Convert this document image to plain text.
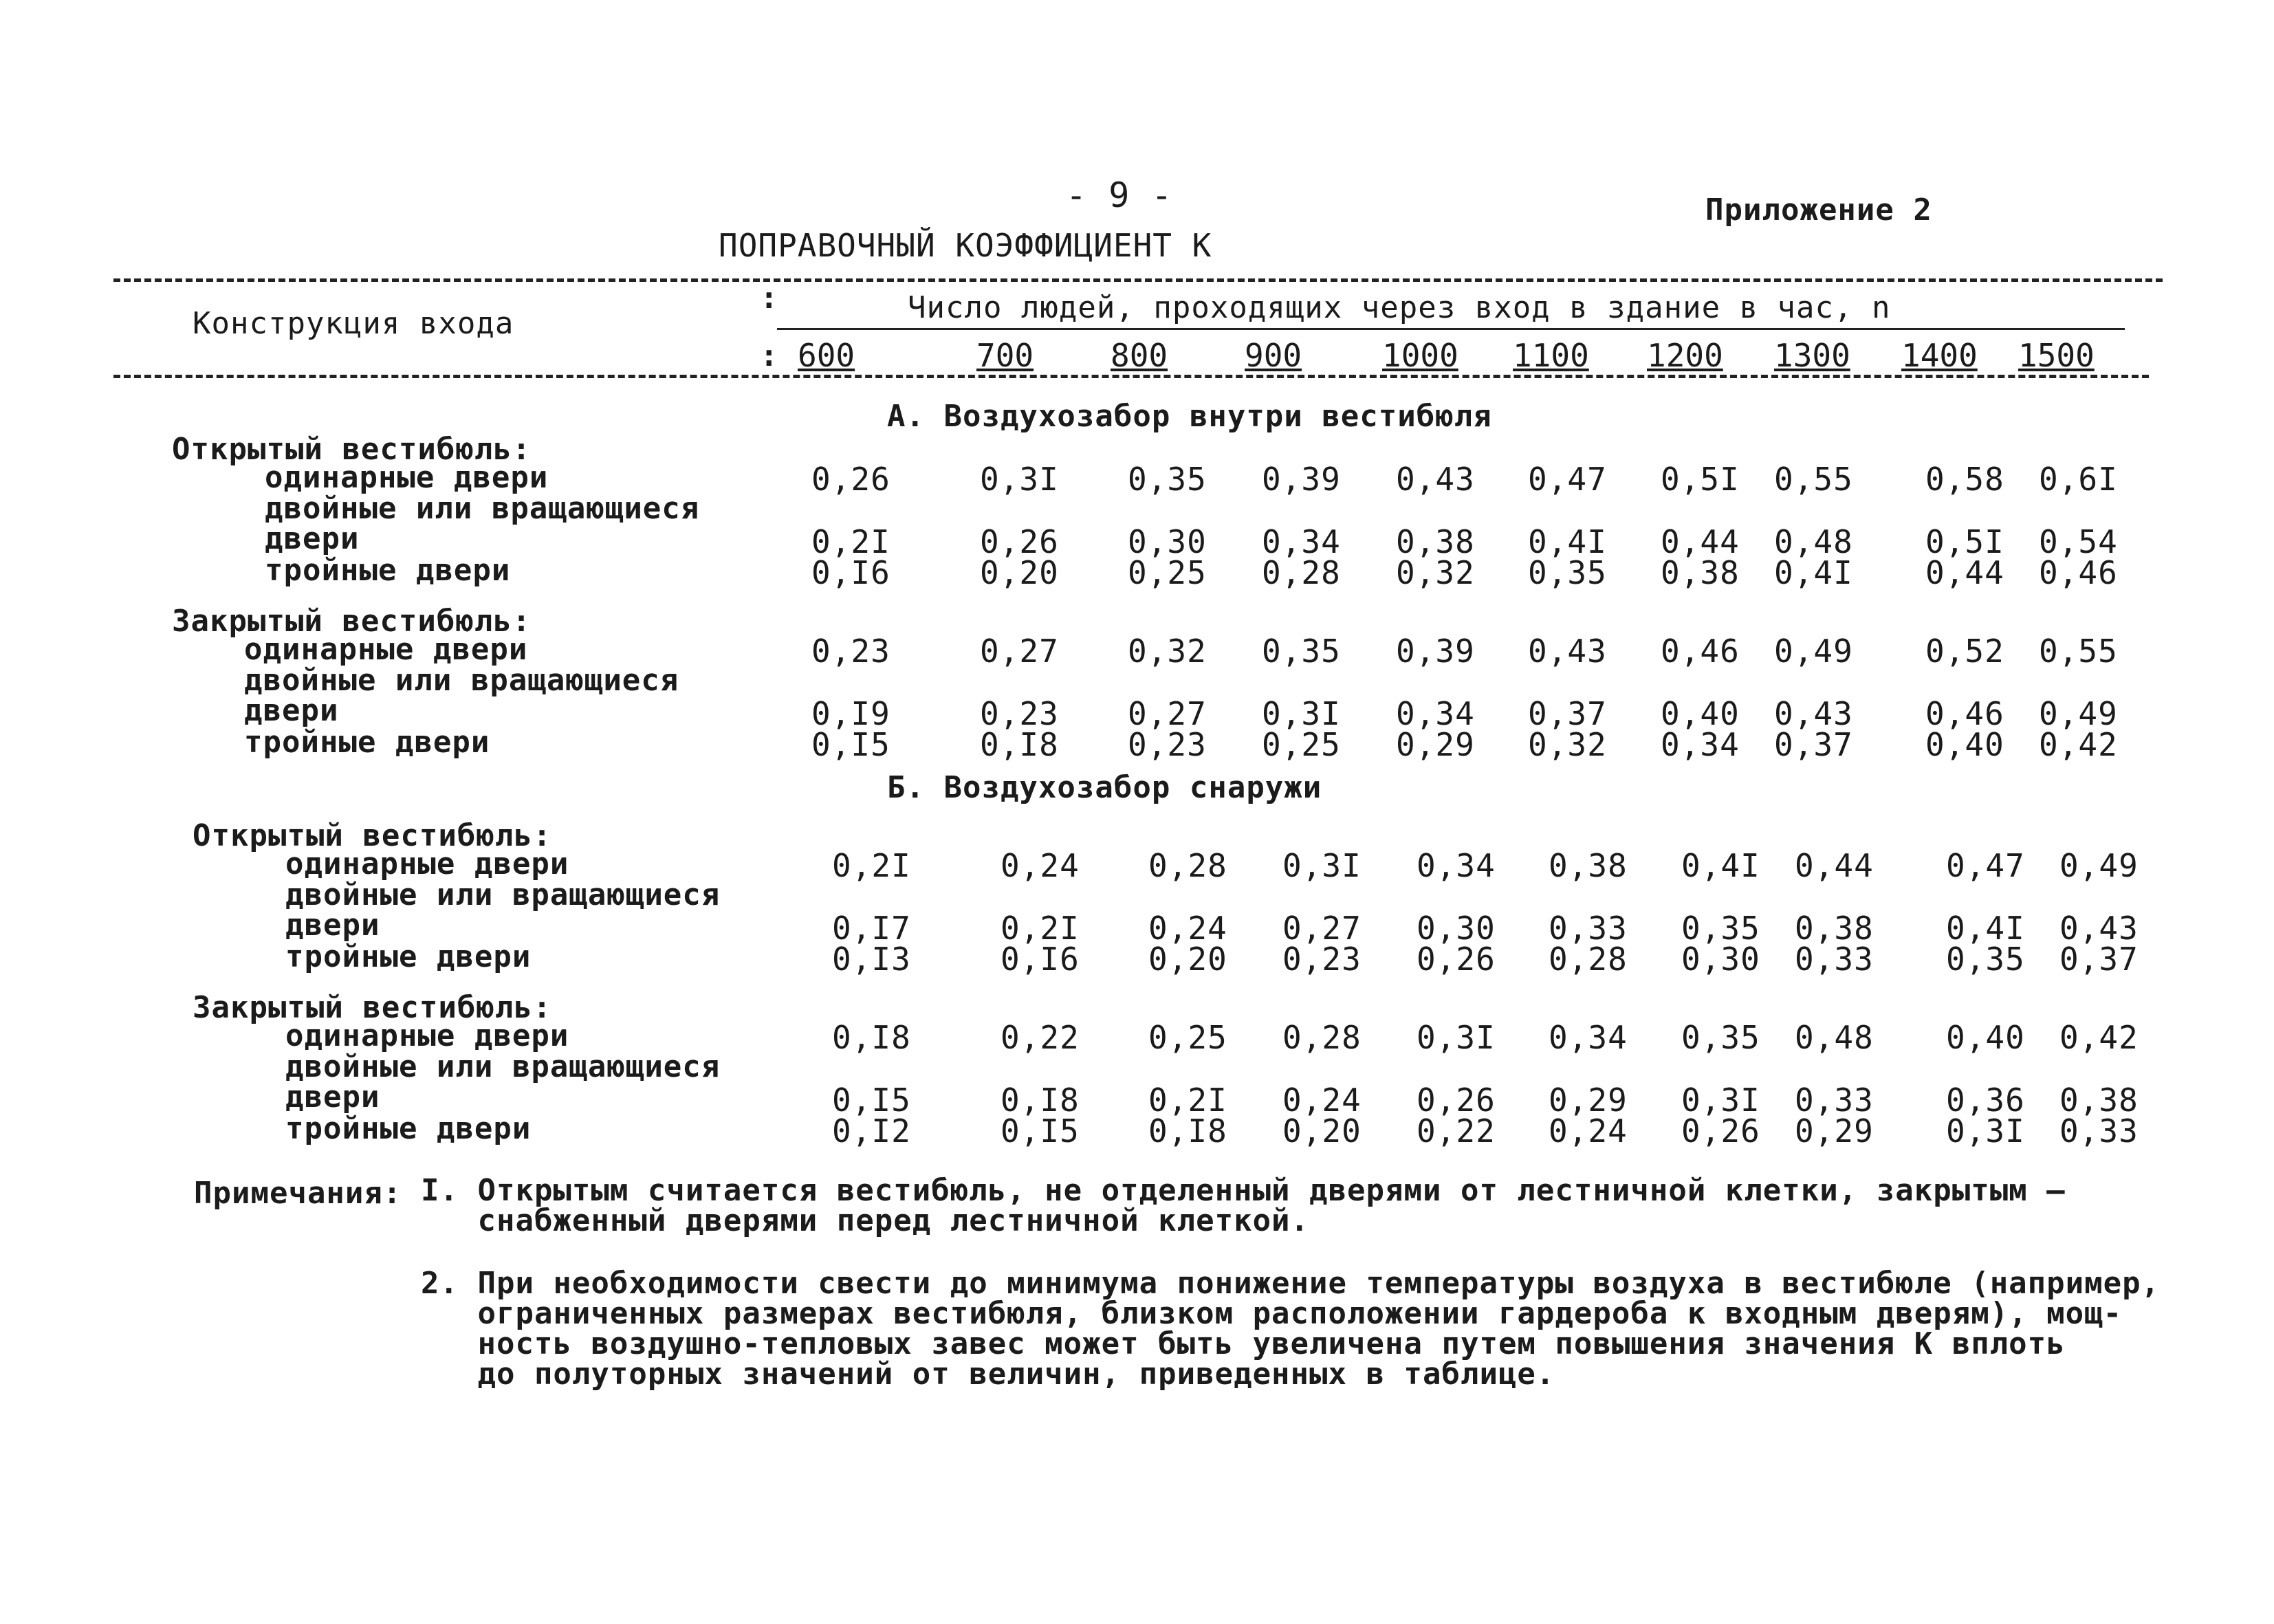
- 9 -	Приложение 2
ПОПРАВОЧНЫЙ КОЭФФИЦИЕНТ К
Конструкция входа	Число людей, проходящих через вход в здание в час, n
:
: 600	700 800 900	1000 1100 1200 1300 1400 1500
А. Воздухозабор внутри вестибюля
Открытый вестибюль:
одинарные двери	0,26	0,3I 0,35 0,39 0,43 0,47 0,5I 0,55 0,58 0,6I
двойные или вращающиеся
двери	0,2I	0,26 0,30 0,34 0,38 0,4I 0,44 0,48 0,5I 0,54
тройные двери	0,I6	0,20 0,25 0,28 0,32 0,35 0,38 0,4I 0,44 0,46
Закрытый вестибюль:
одинарные двери	0,23	0,27 0,32 0,35 0,39 0,43 0,46 0,49 0,52 0,55
двойные или вращающиеся
двери	0,I9	0,23 0,27 0,3I 0,34 0,37 0,40 0,43 0,46 0,49
тройные двери	0,I5	0,I8 0,23 0,25 0,29 0,32 0,34 0,37 0,40 0,42
Б. Воздухозабор снаружи
Открытый вестибюль:
одинарные двери	0,2I	0,24 0,28 0,3I 0,34 0,38 0,4I 0,44 0,47 0,49
двойные или вращающиеся
двери	0,I7	0,2I 0,24 0,27 0,30 0,33 0,35 0,38 0,4I 0,43
тройные двери	0,I3	0,I6 0,20 0,23 0,26 0,28 0,30 0,33 0,35 0,37
Закрытый вестибюль:
одинарные двери	0,I8	0,22 0,25 0,28 0,3I 0,34 0,35 0,48 0,40 0,42
двойные или вращающиеся
двери	0,I5	0,I8 0,2I 0,24 0,26 0,29 0,3I 0,33 0,36 0,38
тройные двери	0,I2	0,I5 0,I8 0,20 0,22 0,24 0,26 0,29 0,3I 0,33
Примечания: I. Открытым считается вестибюль, не отделенный дверями от лестничной клетки, закрытым –
снабженный дверями перед лестничной клеткой.
2. При необходимости свести до минимума понижение температуры воздуха в вестибюле (например,
ограниченных размерах вестибюля, близком расположении гардероба к входным дверям), мощ-
ность воздушно-тепловых завес может быть увеличена путем повышения значения К вплоть
до полуторных значений от величин, приведенных в таблице.
